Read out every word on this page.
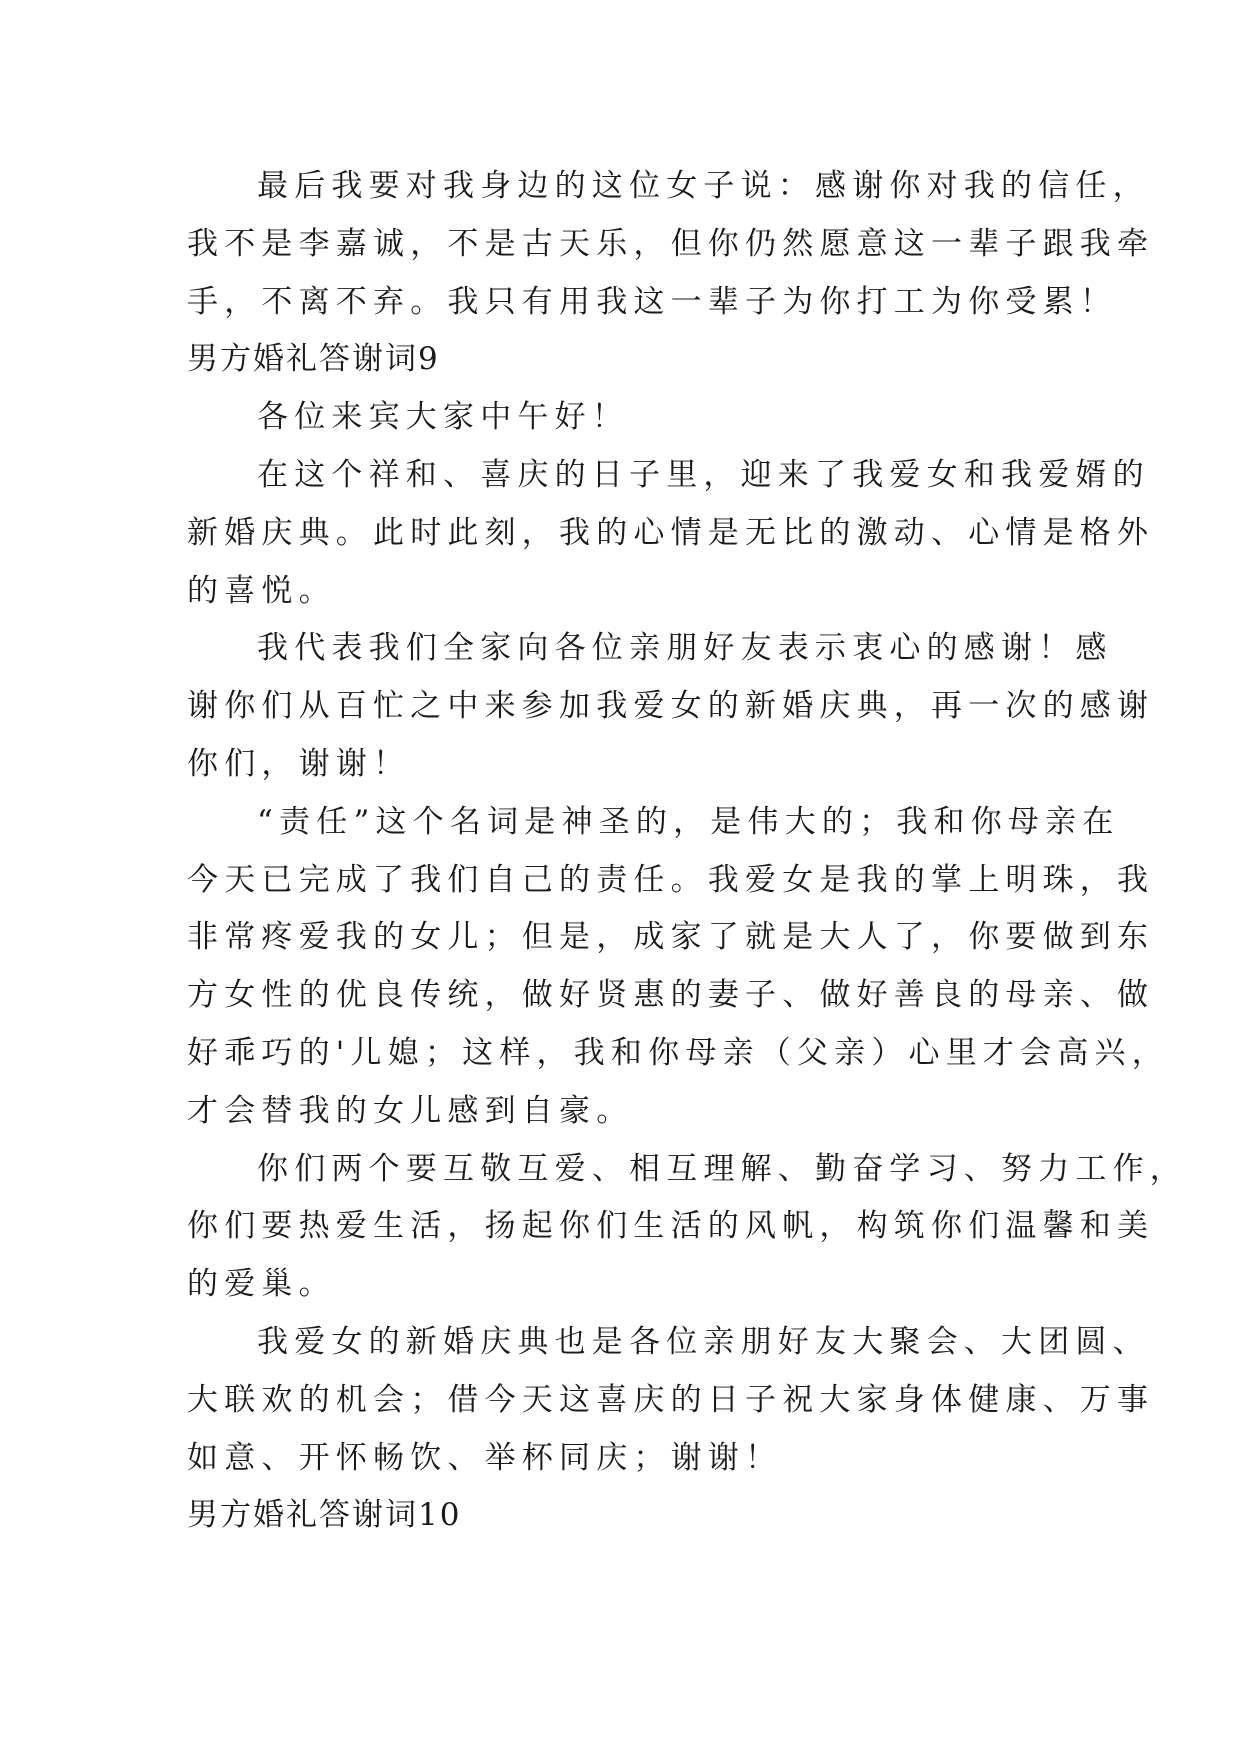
最后我要对我身边的这位女子说：感谢你对我的信任，
我不是李嘉诚，不是古天乐，但你仍然愿意这一辈子跟我牵
手，不离不弃。我只有用我这一辈子为你打工为你受累！
男方婚礼答谢词9
各位来宾大家中午好！
在这个祥和、喜庆的日子里，迎来了我爱女和我爱婿的
新婚庆典。此时此刻，我的心情是无比的激动、心情是格外
的喜悦。
我代表我们全家向各位亲朋好友表示衷心的感谢！感
谢你们从百忙之中来参加我爱女的新婚庆典，再一次的感谢
你们，谢谢！
“责任”这个名词是神圣的，是伟大的；我和你母亲在
今天已完成了我们自己的责任。我爱女是我的掌上明珠，我
非常疼爱我的女儿；但是，成家了就是大人了，你要做到东
方女性的优良传统，做好贤惠的妻子、做好善良的母亲、做
好乖巧的'儿媳；这样，我和你母亲（父亲）心里才会高兴，
才会替我的女儿感到自豪。
你们两个要互敬互爱、相互理解、勤奋学习、努力工作，
你们要热爱生活，扬起你们生活的风帆，构筑你们温馨和美
的爱巢。
我爱女的新婚庆典也是各位亲朋好友大聚会、大团圆、
大联欢的机会；借今天这喜庆的日子祝大家身体健康、万事
如意、开怀畅饮、举杯同庆；谢谢！
男方婚礼答谢词10
